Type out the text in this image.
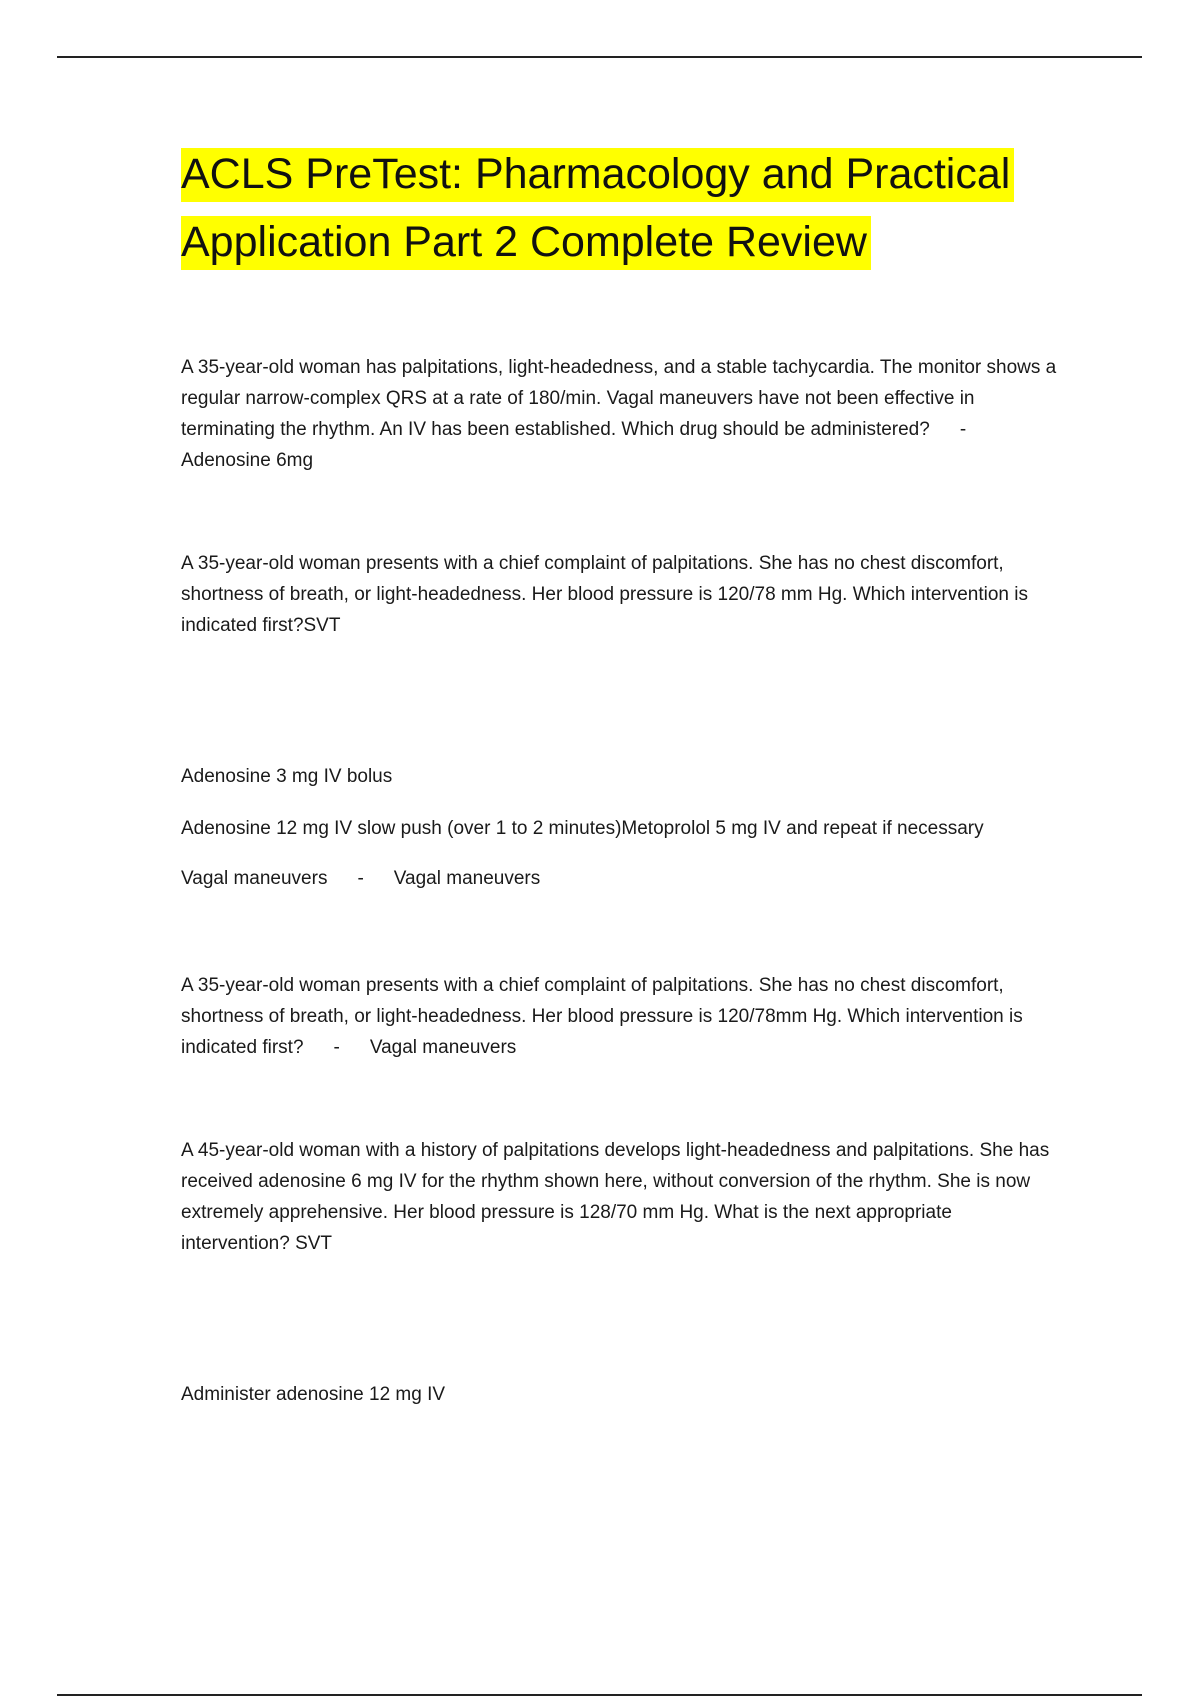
ACLS PreTest: Pharmacology and Practical Application Part 2 Complete Review

A 35-year-old woman has palpitations, light-headedness, and a stable tachycardia. The monitor shows a regular narrow-complex QRS at a rate of 180/min. Vagal maneuvers have not been effective in terminating the rhythm. An IV has been established. Which drug should be administered? -Adenosine 6mg

A 35-year-old woman presents with a chief complaint of palpitations. She has no chest discomfort, shortness of breath, or light-headedness. Her blood pressure is 120/78 mm Hg. Which intervention is indicated first?SVT

Adenosine 3 mg IV bolus

Adenosine 12 mg IV slow push (over 1 to 2 minutes)Metoprolol 5 mg IV and repeat if necessary

Vagal maneuvers - Vagal maneuvers

A 35-year-old woman presents with a chief complaint of palpitations. She has no chest discomfort, shortness of breath, or light-headedness. Her blood pressure is 120/78mm Hg. Which intervention is indicated first? - Vagal maneuvers

A 45-year-old woman with a history of palpitations develops light-headedness and palpitations. She has received adenosine 6 mg IV for the rhythm shown here, without conversion of the rhythm. She is now extremely apprehensive. Her blood pressure is 128/70 mm Hg. What is the next appropriate intervention? SVT

Administer adenosine 12 mg IV
